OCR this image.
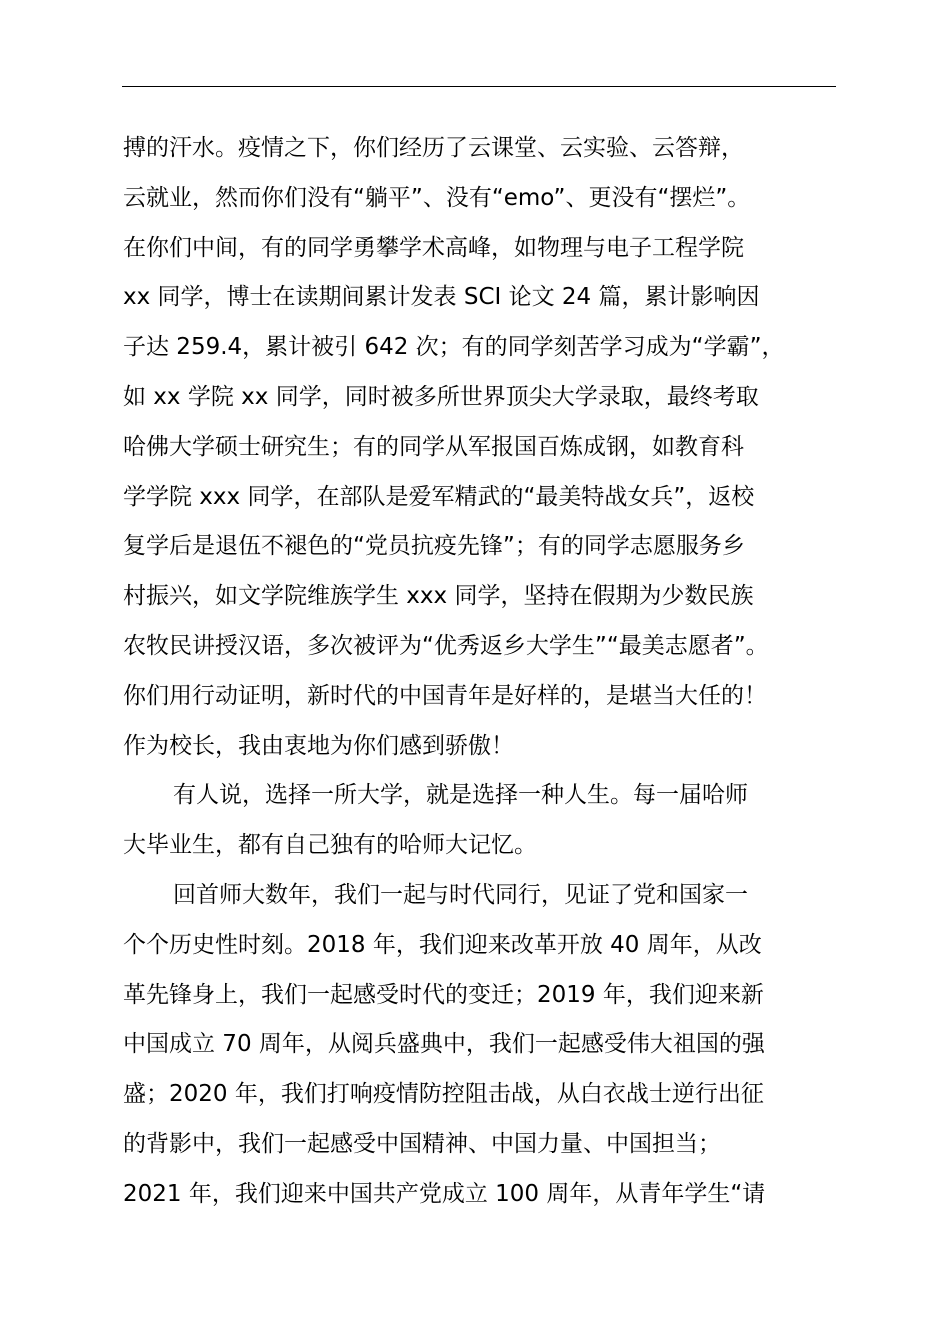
搏的汗水。疫情之下，你们经历了云课堂、云实验、云答辩，
云就业，然而你们没有“躺平”、没有“emo”、更没有“摆烂”。
在你们中间，有的同学勇攀学术高峰，如物理与电子工程学院
xx 同学，博士在读期间累计发表 SCI 论文 24 篇，累计影响因
子达 259.4，累计被引 642 次；有的同学刻苦学习成为“学霸”，
如 xx 学院 xx 同学，同时被多所世界顶尖大学录取，最终考取
哈佛大学硕士研究生；有的同学从军报国百炼成钢，如教育科
学学院 xxx 同学，在部队是爱军精武的“最美特战女兵”，返校
复学后是退伍不褪色的“党员抗疫先锋”；有的同学志愿服务乡
村振兴，如文学院维族学生 xxx 同学，坚持在假期为少数民族
农牧民讲授汉语，多次被评为“优秀返乡大学生”“最美志愿者”。
你们用行动证明，新时代的中国青年是好样的，是堪当大任的！
作为校长，我由衷地为你们感到骄傲！
有人说，选择一所大学，就是选择一种人生。每一届哈师
大毕业生，都有自己独有的哈师大记忆。
回首师大数年，我们一起与时代同行，见证了党和国家一
个个历史性时刻。2018 年，我们迎来改革开放 40 周年，从改
革先锋身上，我们一起感受时代的变迁；2019 年，我们迎来新
中国成立 70 周年，从阅兵盛典中，我们一起感受伟大祖国的强
盛；2020 年，我们打响疫情防控阻击战，从白衣战士逆行出征
的背影中，我们一起感受中国精神、中国力量、中国担当；
2021 年，我们迎来中国共产党成立 100 周年，从青年学生“请
